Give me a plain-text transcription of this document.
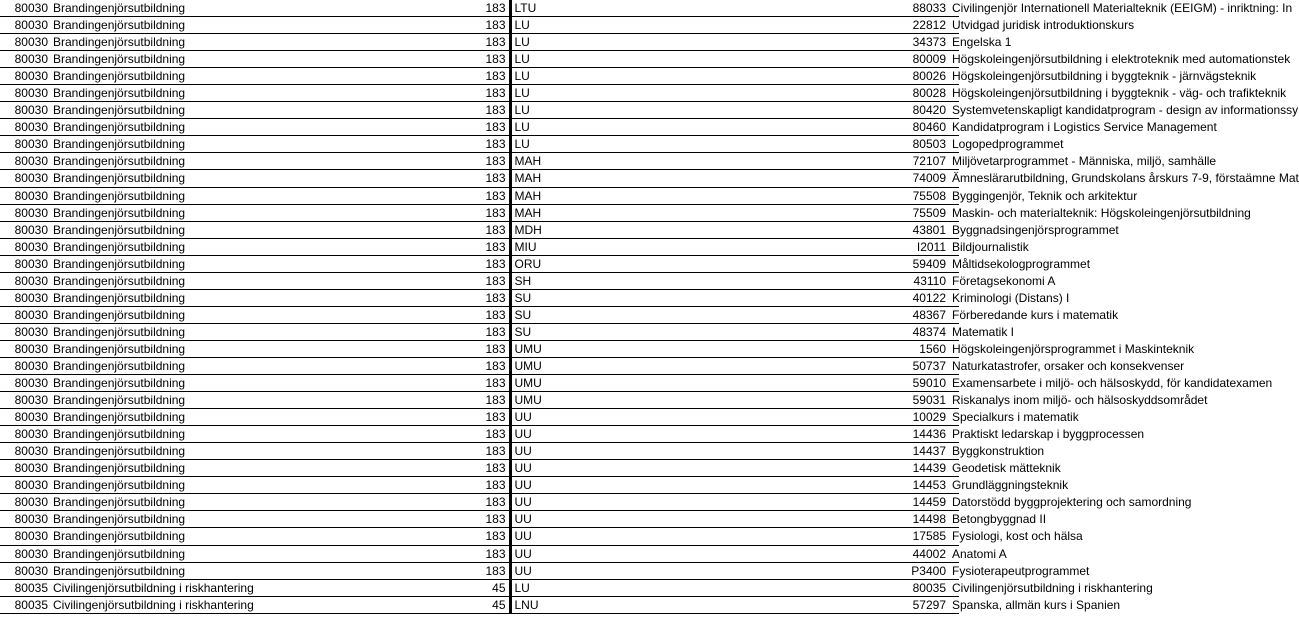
80030	Brandingenjörsutbildning	183	LTU	88033	Civilingenjör Internationell Materialteknik (EEIGM) - inriktning: In	
80030	Brandingenjörsutbildning	183	LU	22812	Utvidgad juridisk introduktionskurs	
80030	Brandingenjörsutbildning	183	LU	34373	Engelska 1	
80030	Brandingenjörsutbildning	183	LU	80009	Högskoleingenjörsutbildning i elektroteknik med automationstek	
80030	Brandingenjörsutbildning	183	LU	80026	Högskoleingenjörsutbildning i byggteknik - järnvägsteknik	
80030	Brandingenjörsutbildning	183	LU	80028	Högskoleingenjörsutbildning i byggteknik - väg- och trafikteknik	
80030	Brandingenjörsutbildning	183	LU	80420	Systemvetenskapligt kandidatprogram - design av informationssy	
80030	Brandingenjörsutbildning	183	LU	80460	Kandidatprogram i Logistics Service Management	
80030	Brandingenjörsutbildning	183	LU	80503	Logopedprogrammet	
80030	Brandingenjörsutbildning	183	MAH	72107	Miljövetarprogrammet - Människa, miljö, samhälle	
80030	Brandingenjörsutbildning	183	MAH	74009	Ämneslärarutbildning, Grundskolans årskurs 7-9, förstaämne Mat	
80030	Brandingenjörsutbildning	183	MAH	75508	Byggingenjör, Teknik och arkitektur	
80030	Brandingenjörsutbildning	183	MAH	75509	Maskin- och materialteknik: Högskoleingenjörsutbildning	
80030	Brandingenjörsutbildning	183	MDH	43801	Byggnadsingenjörsprogrammet	
80030	Brandingenjörsutbildning	183	MIU	I2011	Bildjournalistik	
80030	Brandingenjörsutbildning	183	ORU	59409	Måltidsekologprogrammet	
80030	Brandingenjörsutbildning	183	SH	43110	Företagsekonomi A	
80030	Brandingenjörsutbildning	183	SU	40122	Kriminologi (Distans) I	
80030	Brandingenjörsutbildning	183	SU	48367	Förberedande kurs i matematik	
80030	Brandingenjörsutbildning	183	SU	48374	Matematik I	
80030	Brandingenjörsutbildning	183	UMU	1560	Högskoleingenjörsprogrammet i Maskinteknik	
80030	Brandingenjörsutbildning	183	UMU	50737	Naturkatastrofer, orsaker och konsekvenser	
80030	Brandingenjörsutbildning	183	UMU	59010	Examensarbete i miljö- och hälsoskydd, för kandidatexamen	
80030	Brandingenjörsutbildning	183	UMU	59031	Riskanalys inom miljö- och hälsoskyddsområdet	
80030	Brandingenjörsutbildning	183	UU	10029	Specialkurs i matematik	
80030	Brandingenjörsutbildning	183	UU	14436	Praktiskt ledarskap i byggprocessen	
80030	Brandingenjörsutbildning	183	UU	14437	Byggkonstruktion	
80030	Brandingenjörsutbildning	183	UU	14439	Geodetisk mätteknik	
80030	Brandingenjörsutbildning	183	UU	14453	Grundläggningsteknik	
80030	Brandingenjörsutbildning	183	UU	14459	Datorstödd byggprojektering och samordning	
80030	Brandingenjörsutbildning	183	UU	14498	Betongbyggnad II	
80030	Brandingenjörsutbildning	183	UU	17585	Fysiologi, kost och hälsa	
80030	Brandingenjörsutbildning	183	UU	44002	Anatomi A	
80030	Brandingenjörsutbildning	183	UU	P3400	Fysioterapeutprogrammet	
80035	Civilingenjörsutbildning i riskhantering	45	LU	80035	Civilingenjörsutbildning i riskhantering	
80035	Civilingenjörsutbildning i riskhantering	45	LNU	57297	Spanska, allmän kurs i Spanien	
